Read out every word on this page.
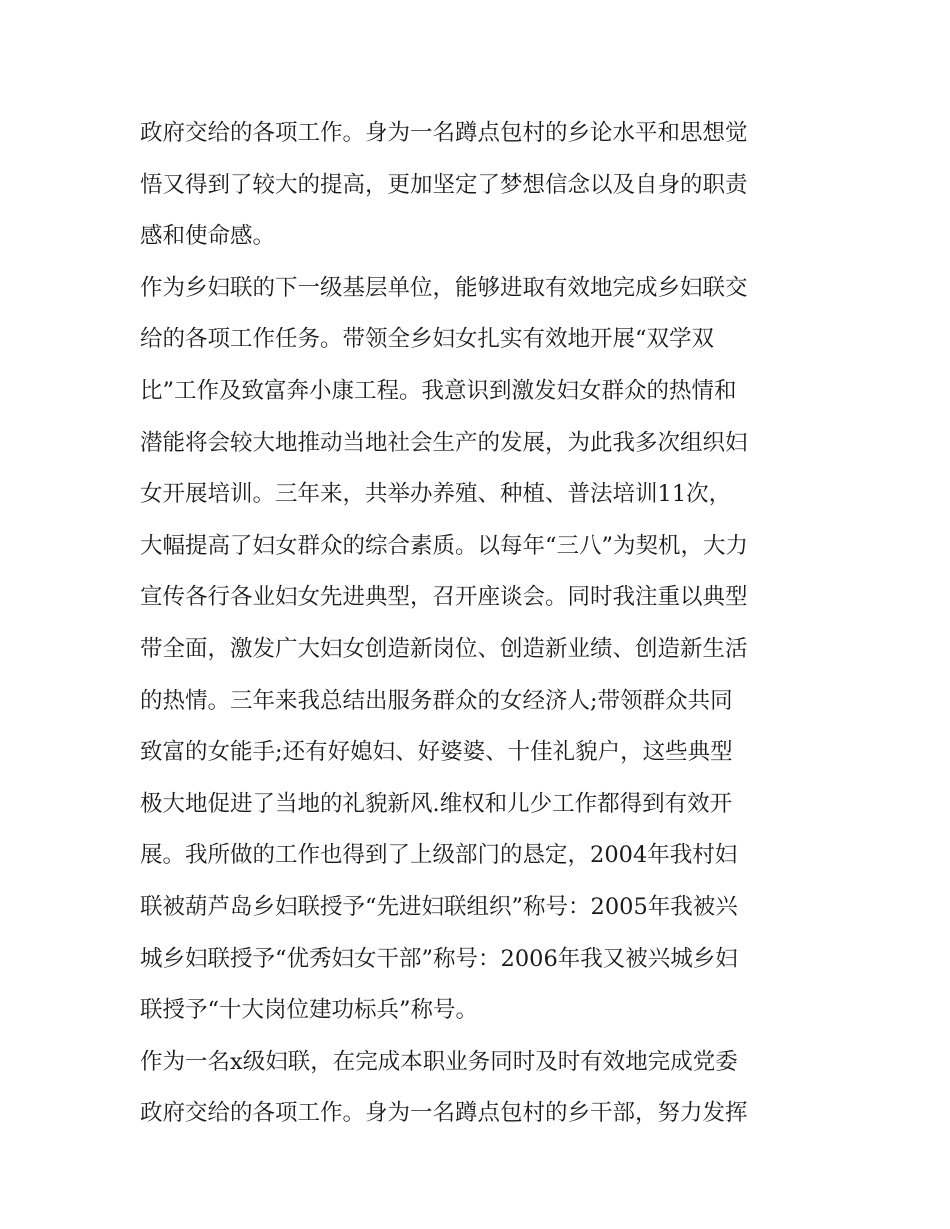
政府交给的各项工作。身为一名蹲点包村的乡论水平和思想觉
悟又得到了较大的提高，更加坚定了梦想信念以及自身的职责
感和使命感。
作为乡妇联的下一级基层单位，能够进取有效地完成乡妇联交
给的各项工作任务。带领全乡妇女扎实有效地开展“双学双
比”工作及致富奔小康工程。我意识到激发妇女群众的热情和
潜能将会较大地推动当地社会生产的发展，为此我多次组织妇
女开展培训。三年来，共举办养殖、种植、普法培训11次，
大幅提高了妇女群众的综合素质。以每年“三八”为契机，大力
宣传各行各业妇女先进典型，召开座谈会。同时我注重以典型
带全面，激发广大妇女创造新岗位、创造新业绩、创造新生活
的热情。三年来我总结出服务群众的女经济人;带领群众共同
致富的女能手;还有好媳妇、好婆婆、十佳礼貌户，这些典型
极大地促进了当地的礼貌新风.维权和儿少工作都得到有效开
展。我所做的工作也得到了上级部门的恳定，2004年我村妇
联被葫芦岛乡妇联授予“先进妇联组织”称号：2005年我被兴
城乡妇联授予“优秀妇女干部”称号：2006年我又被兴城乡妇
联授予“十大岗位建功标兵”称号。
作为一名x级妇联，在完成本职业务同时及时有效地完成党委
政府交给的各项工作。身为一名蹲点包村的乡干部，努力发挥
